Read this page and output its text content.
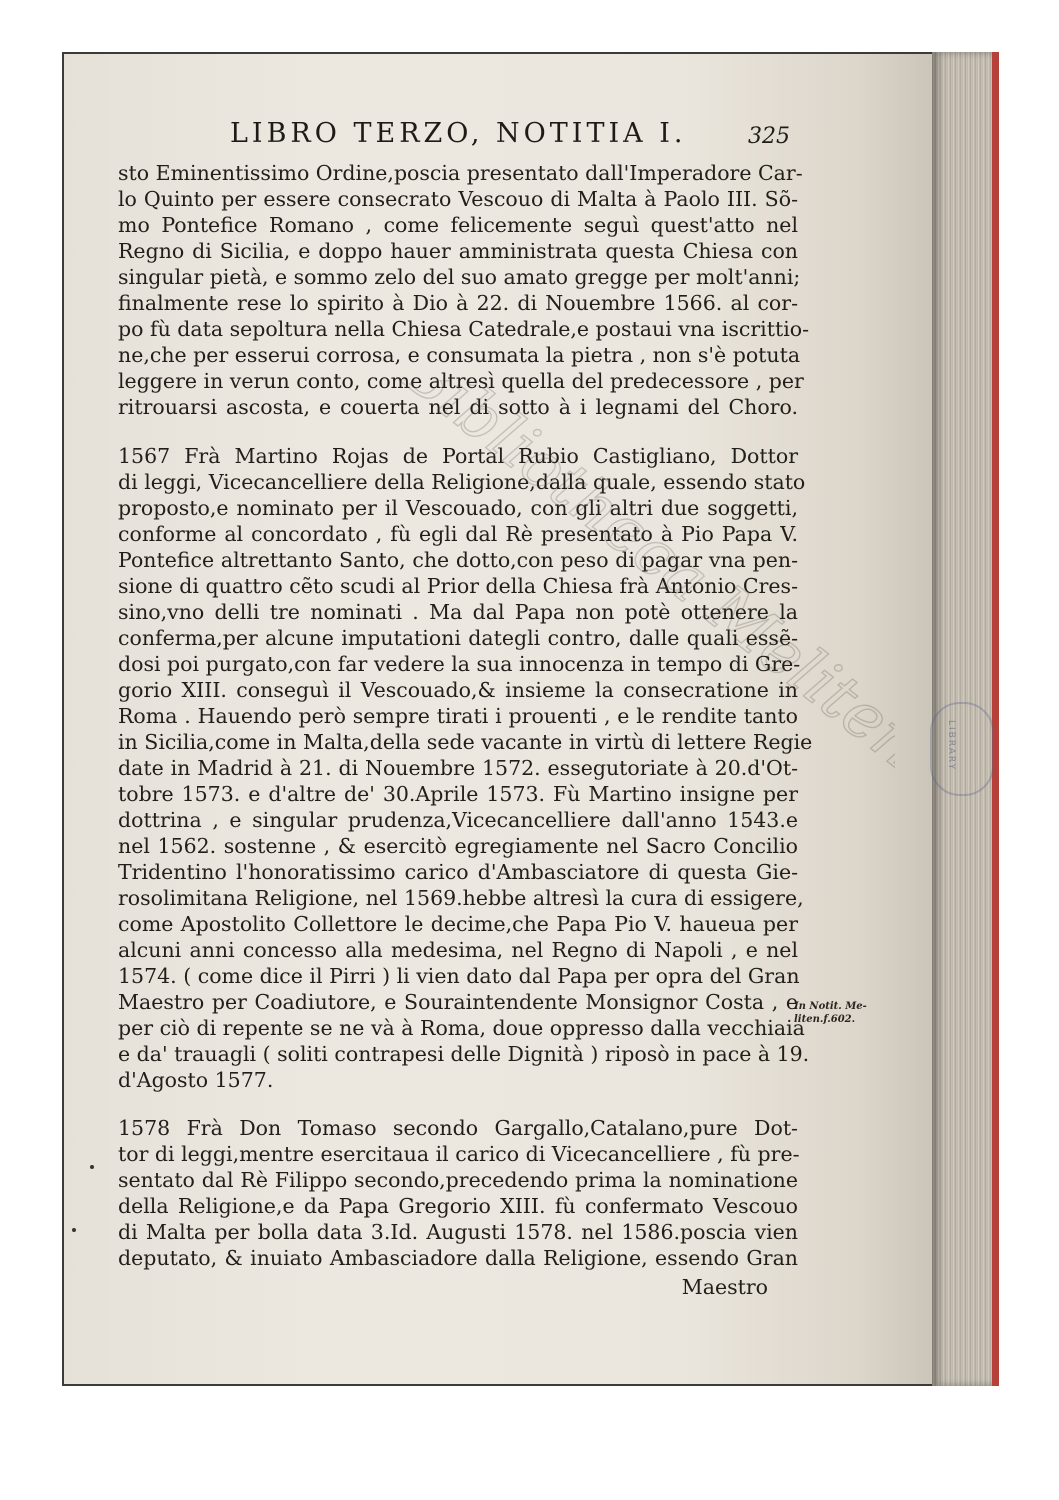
LIBRARY
LIBRO TERZO, NOTITIA I.	325
sto Eminentissimo Ordine,poscia presentato dall'Imperadore Car-
lo Quinto per essere consecrato Vescouo di Malta à Paolo III. Sõ-
mo Pontefice Romano , come felicemente seguì quest'atto nel
Regno di Sicilia, e doppo hauer amministrata questa Chiesa con
singular pietà, e sommo zelo del suo amato gregge per molt'anni;
finalmente rese lo spirito à Dio à 22. di Nouembre 1566. al cor-
po fù data sepoltura nella Chiesa Catedrale,e postaui vna iscrittio-
ne,che per esserui corrosa, e consumata la pietra , non s'è potuta
leggere in verun conto, come altresì quella del predecessore , per
ritrouarsi ascosta, e couerta nel di sotto à i legnami del Choro.
1567 Frà Martino Rojas de Portal Rubio Castigliano, Dottor
di leggi, Vicecancelliere della Religione,dalla quale, essendo stato
proposto,e nominato per il Vescouado, con gli altri due soggetti,
conforme al concordato , fù egli dal Rè presentato à Pio Papa V.
Pontefice altrettanto Santo, che dotto,con peso di pagar vna pen-
sione di quattro cẽto scudi al Prior della Chiesa frà Antonio Cres-
sino,vno delli tre nominati . Ma dal Papa non potè ottenere la
conferma,per alcune imputationi dategli contro, dalle quali essẽ-
dosi poi purgato,con far vedere la sua innocenza in tempo di Gre-
gorio XIII. conseguì il Vescouado,& insieme la consecratione in
Roma . Hauendo però sempre tirati i prouenti , e le rendite tanto
in Sicilia,come in Malta,della sede vacante in virtù di lettere Regie
date in Madrid à 21. di Nouembre 1572. essegutoriate à 20.d'Ot-
tobre 1573. e d'altre de' 30.Aprile 1573. Fù Martino insigne per
dottrina , e singular prudenza,Vicecancelliere dall'anno 1543.e
nel 1562. sostenne , & esercitò egregiamente nel Sacro Concilio
Tridentino l'honoratissimo carico d'Ambasciatore di questa Gie-
rosolimitana Religione, nel 1569.hebbe altresì la cura di essigere,
come Apostolito Collettore le decime,che Papa Pio V. haueua per
alcuni anni concesso alla medesima, nel Regno di Napoli , e nel
1574. ( come dice il Pirri ) li vien dato dal Papa per opra del Gran
Maestro per Coadiutore, e Souraintendente Monsignor Costa , e
per ciò di repente se ne và à Roma, doue oppresso dalla vecchiaia
e da' trauagli ( soliti contrapesi delle Dignità ) riposò in pace à 19.
d'Agosto 1577.
1578 Frà Don Tomaso secondo Gargallo,Catalano,pure Dot-
tor di leggi,mentre esercitaua il carico di Vicecancelliere , fù pre-
sentato dal Rè Filippo secondo,precedendo prima la nominatione
della Religione,e da Papa Gregorio XIII. fù confermato Vescouo
di Malta per bolla data 3.Id. Augusti 1578. nel 1586.poscia vien
deputato, & inuiato Ambasciadore dalla Religione, essendo Gran
Maestro
In Notit. Me-
liten.f.602.
